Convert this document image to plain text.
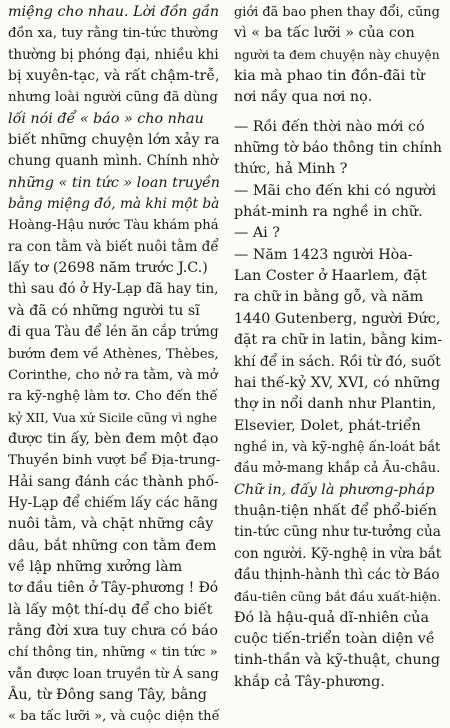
miệng cho nhau. Lời đồn gần
đồn xa, tuy rằng tin-tức thường
thường bị phóng đại, nhiều khi
bị xuyên-tạc, và rất chậm-trễ,
nhưng loài người cũng đã dùng
lối nói để « báo » cho nhau
biết những chuyện lớn xảy ra
chung quanh mình. Chính nhờ
những « tin tức » loan truyền
bằng miệng đó, mà khi một bà
Hoàng-Hậu nước Tàu khám phá
ra con tằm và biết nuôi tằm để
lấy tơ (2698 năm trước J.C.)
thì sau đó ở Hy-Lạp đã hay tin,
và đã có những người tu sĩ
đi qua Tàu để lén ăn cắp trứng
bướm đem về Athènes, Thèbes,
Corinthe, cho nở ra tằm, và mở
ra kỹ-nghệ làm tơ. Cho đến thế
kỷ XII, Vua xứ Sicile cũng vì nghe
được tin ấy, bèn đem một đạo
Thuyền binh vượt bể Địa-trung-
Hải sang đánh các thành phố-
Hy-Lạp để chiếm lấy các hãng
nuôi tằm, và chặt những cây
dâu, bắt những con tằm đem
về lập những xưởng làm
tơ đầu tiên ở Tây-phương ! Đó
là lấy một thí-dụ để cho biết
rằng đời xưa tuy chưa có báo
chí thông tin, những « tin tức »
vẫn được loan truyền từ Á sang
Âu, từ Đông sang Tây, bằng
« ba tấc lưỡi », và cuộc diện thế
giới đã bao phen thay đổi, cũng
vì « ba tấc lưỡi » của con
người ta đem chuyện này chuyện
kia mà phao tin đồn-đãi từ
nơi nầy qua nơi nọ.
— Rồi đến thời nào mới có
những tờ báo thông tin chính
thức, hả Minh ?
— Mãi cho đến khi có người
phát-minh ra nghề in chữ.
— Ai ?
— Năm 1423 người Hòa-
Lan Coster ở Haarlem, đặt
ra chữ in bằng gỗ, và năm
1440 Gutenberg, người Đức,
đặt ra chữ in latin, bằng kim-
khí để in sách. Rồi từ đó, suốt
hai thế-kỷ XV, XVI, có những
thợ in nổi danh như Plantin,
Elsevier, Dolet, phát-triển
nghề in, và kỹ-nghệ ấn-loát bắt
đầu mở-mang khắp cả Âu-châu.
Chữ in, đấy là phương-pháp
thuận-tiện nhất để phổ-biến
tin-tức cũng như tư-tưởng của
con người. Kỹ-nghệ in vừa bắt
đầu thịnh-hành thì các tờ Báo
đầu-tiên cũng bắt đầu xuất-hiện.
Đó là hậu-quả dĩ-nhiên của
cuộc tiến-triển toàn diện về
tinh-thần và kỹ-thuật, chung
khắp cả Tây-phương.
